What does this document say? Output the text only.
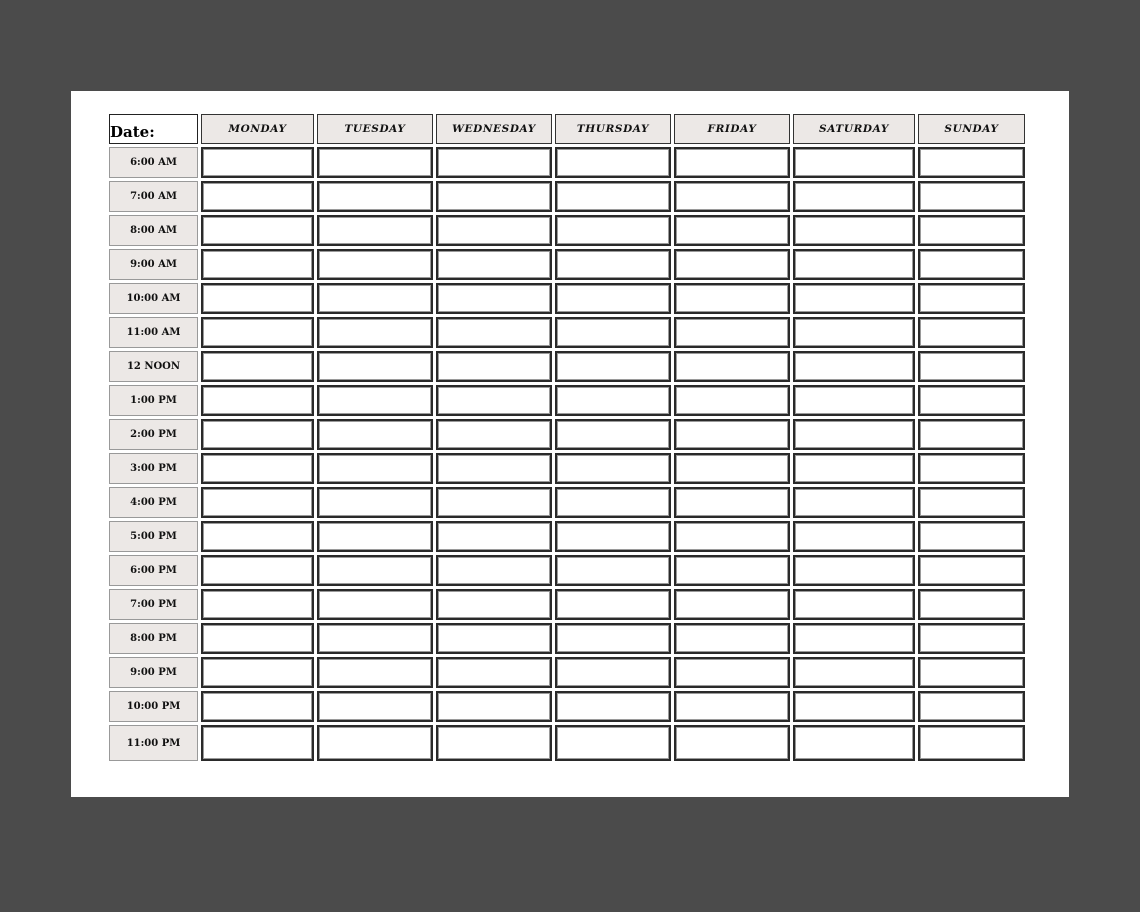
Date:	MONDAY	TUESDAY	WEDNESDAY	THURSDAY	FRIDAY	SATURDAY	SUNDAY
6:00 AM
7:00 AM
8:00 AM
9:00 AM
10:00 AM
11:00 AM
12 NOON
1:00 PM
2:00 PM
3:00 PM
4:00 PM
5:00 PM
6:00 PM
7:00 PM
8:00 PM
9:00 PM
10:00 PM
11:00 PM
